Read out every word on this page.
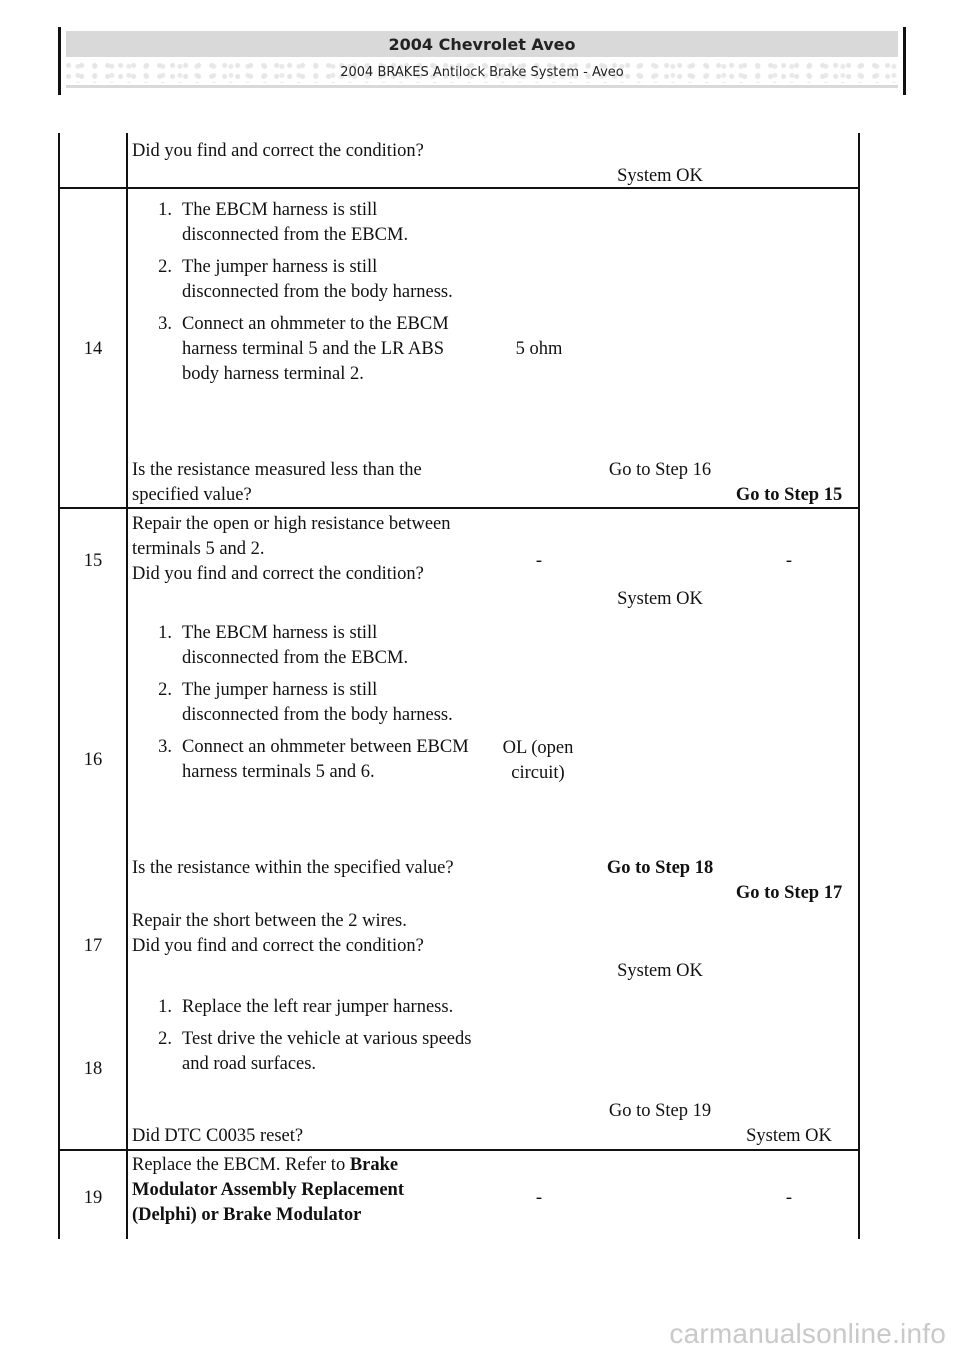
2004 Chevrolet Aveo
2004 BRAKES Antilock Brake System - Aveo
Did you find and correct the condition?
System OK
14
1. The EBCM harness is still disconnected from the EBCM.
2. The jumper harness is still disconnected from the body harness.
3. Connect an ohmmeter to the EBCM harness terminal 5 and the LR ABS body harness terminal 2.
5 ohm
Is the resistance measured less than the specified value?
Go to Step 16
Go to Step 15
15
Repair the open or high resistance between terminals 5 and 2.
Did you find and correct the condition?
-
System OK
-
16
1. The EBCM harness is still disconnected from the EBCM.
2. The jumper harness is still disconnected from the body harness.
3. Connect an ohmmeter between EBCM harness terminals 5 and 6.
OL (open circuit)
Is the resistance within the specified value?	Go to Step 18
Go to Step 17
17
Repair the short between the 2 wires.
Did you find and correct the condition?
System OK
18
1. Replace the left rear jumper harness.
2. Test drive the vehicle at various speeds and road surfaces.
Did DTC C0035 reset?
Go to Step 19
System OK
19
Replace the EBCM. Refer to Brake Modulator Assembly Replacement (Delphi) or Brake Modulator
-	-
carmanualsonline.info
